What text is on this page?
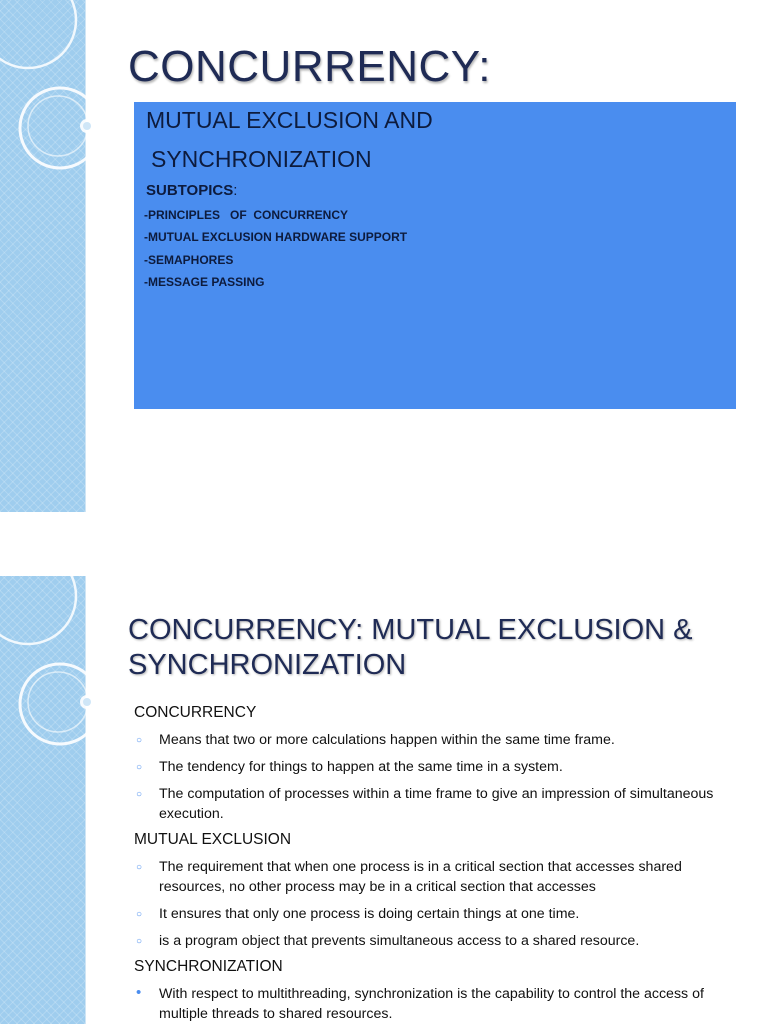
CONCURRENCY:

MUTUAL EXCLUSION AND

SYNCHRONIZATION

SUBTOPICS:

-PRINCIPLES   OF  CONCURRENCY
-MUTUAL EXCLUSION HARDWARE SUPPORT
-SEMAPHORES
-MESSAGE PASSING
CONCURRENCY: MUTUAL EXCLUSION & SYNCHRONIZATION

CONCURRENCY

○ Means that two or more calculations happen within the same time frame.
○ The tendency for things to happen at the same time in a system.
○ The computation of processes within a time frame to give an impression of simultaneous execution.

MUTUAL EXCLUSION

○ The requirement that when one process is in a critical section that accesses shared resources, no other process may be in a critical section that accesses
○ It ensures that only one process is doing certain things at one time.
○ is a program object that prevents simultaneous access to a shared resource.

SYNCHRONIZATION

• With respect to multithreading, synchronization is the capability to control the access of multiple threads to shared resources.
